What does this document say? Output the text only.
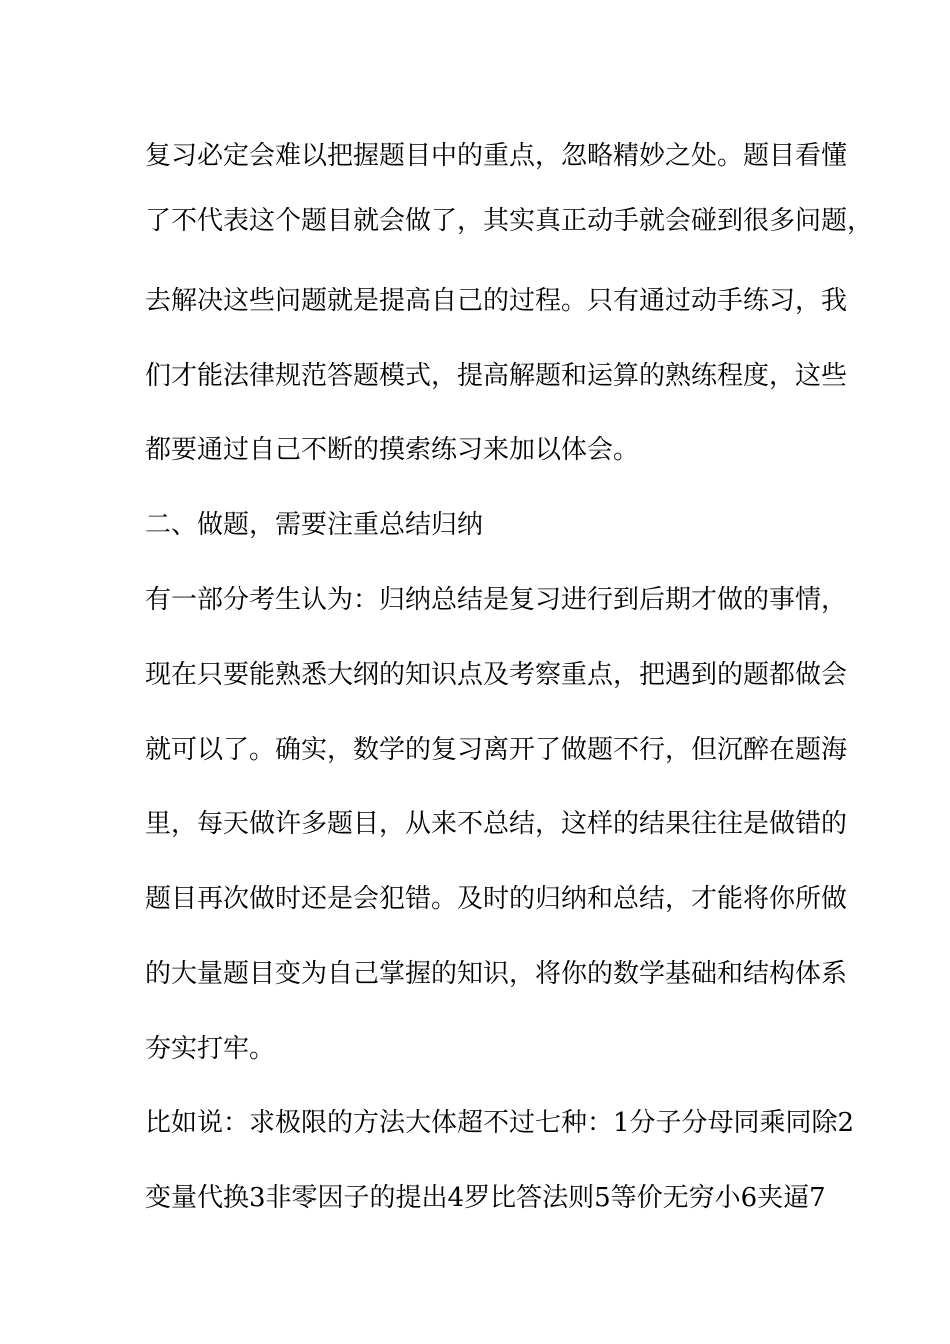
复习必定会难以把握题目中的重点，忽略精妙之处。题目看懂
了不代表这个题目就会做了，其实真正动手就会碰到很多问题，
去解决这些问题就是提高自己的过程。只有通过动手练习，我
们才能法律规范答题模式，提高解题和运算的熟练程度，这些
都要通过自己不断的摸索练习来加以体会。
二、做题，需要注重总结归纳
有一部分考生认为：归纳总结是复习进行到后期才做的事情，
现在只要能熟悉大纲的知识点及考察重点，把遇到的题都做会
就可以了。确实，数学的复习离开了做题不行，但沉醉在题海
里，每天做许多题目，从来不总结，这样的结果往往是做错的
题目再次做时还是会犯错。及时的归纳和总结，才能将你所做
的大量题目变为自己掌握的知识，将你的数学基础和结构体系
夯实打牢。
比如说：求极限的方法大体超不过七种：1分子分母同乘同除2
变量代换3非零因子的提出4罗比答法则5等价无穷小6夹逼7
